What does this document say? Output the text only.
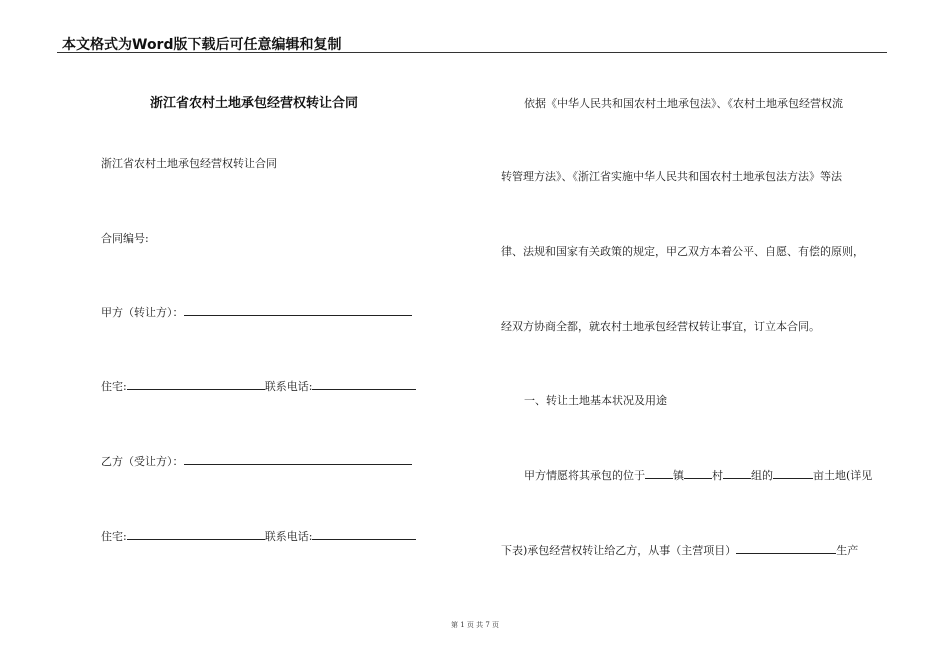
本文格式为Word版下载后可任意编辑和复制
浙江省农村土地承包经营权转让合同
浙江省农村土地承包经营权转让合同
合同编号:
甲方（转让方）：
住宅:	联系电话:
乙方（受让方）：
住宅:	联系电话:
依据《中华人民共和国农村土地承包法》、《农村土地承包经营权流
转管理方法》、《浙江省实施中华人民共和国农村土地承包法方法》等法
律、法规和国家有关政策的规定，甲乙双方本着公平、自愿、有偿的原则，
经双方协商全都，就农村土地承包经营权转让事宜，订立本合同。
一、转让土地基本状况及用途
甲方情愿将其承包的位于	镇	村	组的	亩土地(详见
下表)承包经营权转让给乙方，从事（主营项目）	生产
第 1 页 共 7 页
